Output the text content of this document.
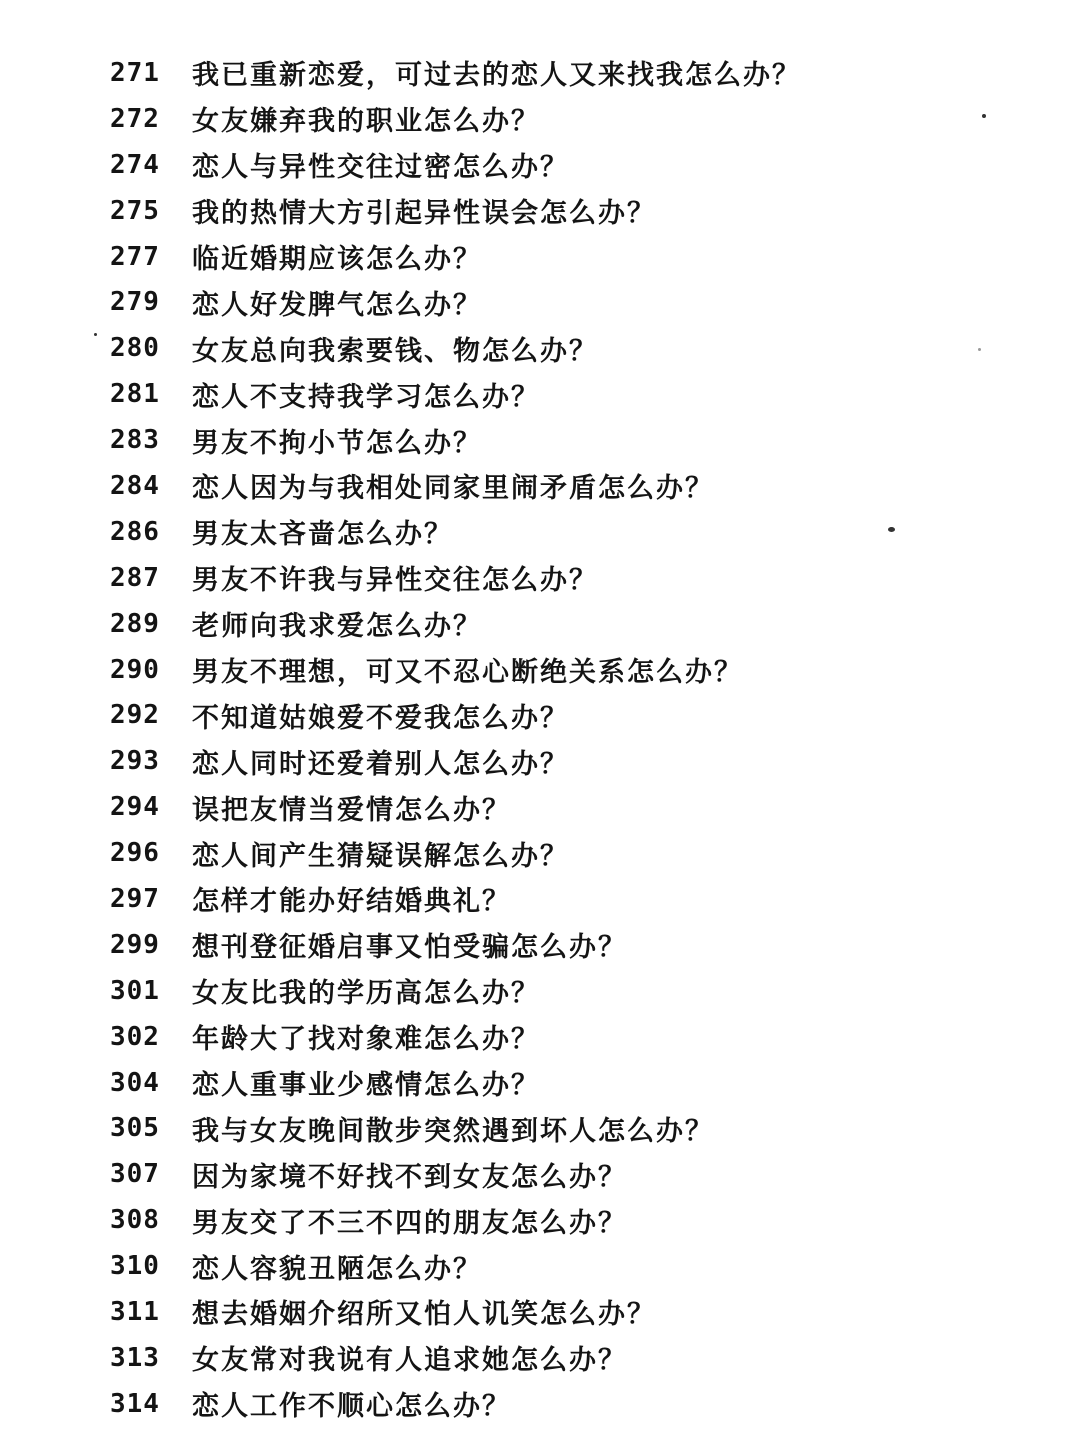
271	我已重新恋爱，可过去的恋人又来找我怎么办？
272	女友嫌弃我的职业怎么办？
274	恋人与异性交往过密怎么办？
275	我的热情大方引起异性误会怎么办？
277	临近婚期应该怎么办？
279	恋人好发脾气怎么办？
280	女友总向我索要钱、物怎么办？
281	恋人不支持我学习怎么办？
283	男友不拘小节怎么办？
284	恋人因为与我相处同家里闹矛盾怎么办？
286	男友太吝啬怎么办？
287	男友不许我与异性交往怎么办？
289	老师向我求爱怎么办？
290	男友不理想，可又不忍心断绝关系怎么办？
292	不知道姑娘爱不爱我怎么办？
293	恋人同时还爱着别人怎么办？
294	误把友情当爱情怎么办？
296	恋人间产生猜疑误解怎么办？
297	怎样才能办好结婚典礼？
299	想刊登征婚启事又怕受骗怎么办？
301	女友比我的学历高怎么办？
302	年龄大了找对象难怎么办？
304	恋人重事业少感情怎么办？
305	我与女友晚间散步突然遇到坏人怎么办？
307	因为家境不好找不到女友怎么办？
308	男友交了不三不四的朋友怎么办？
310	恋人容貌丑陋怎么办？
311	想去婚姻介绍所又怕人讥笑怎么办？
313	女友常对我说有人追求她怎么办？
314	恋人工作不顺心怎么办？
